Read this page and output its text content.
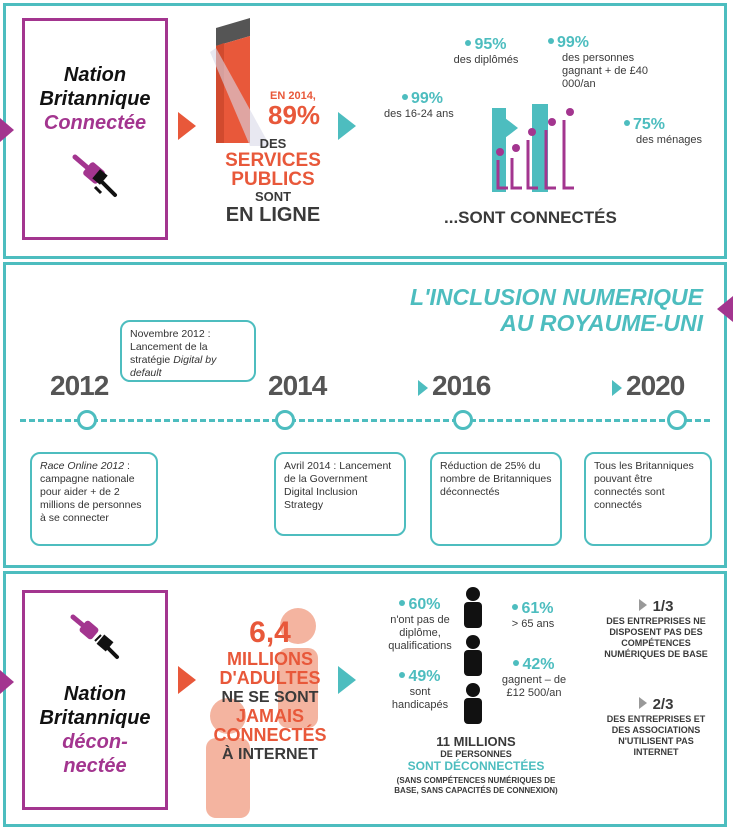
Nation
Britannique
Connectée
EN 2014,
89%
DES
SERVICES
PUBLICS
SONT
EN LIGNE
95%
des diplômés
99%
des personnes gagnant + de £40 000/an
99%
des 16-24 ans
75%
des ménages
...SONT CONNECTÉS
L'INCLUSION NUMERIQUE
AU ROYAUME-UNI
2012	2014	2016	2020
Novembre 2012 : Lancement de la stratégie Digital by default
Race Online 2012 : campagne nationale pour aider + de 2 millions de personnes à se connecter
Avril 2014 : Lancement de la Government Digital Inclusion Strategy
Réduction de 25% du nombre de Britanniques déconnectés
Tous les Britanniques pouvant être connectés sont connectés
Nation
Britannique
décon-
nectée
6,4
MILLIONS
D'ADULTES
NE SE SONT
JAMAIS
CONNECTÉS
À INTERNET
60%
n'ont pas de diplôme, qualifications
49%
sont handicapés
61%
> 65 ans
42%
gagnent – de £12 500/an
11 MILLIONS
DE PERSONNES
SONT DÉCONNECTÉES
(SANS COMPÉTENCES NUMÉRIQUES DE BASE, SANS CAPACITÉS DE CONNEXION)
1/3
DES ENTREPRISES NE DISPOSENT PAS DES COMPÉTENCES NUMÉRIQUES DE BASE
2/3
DES ENTREPRISES ET DES ASSOCIATIONS N'UTILISENT PAS INTERNET
